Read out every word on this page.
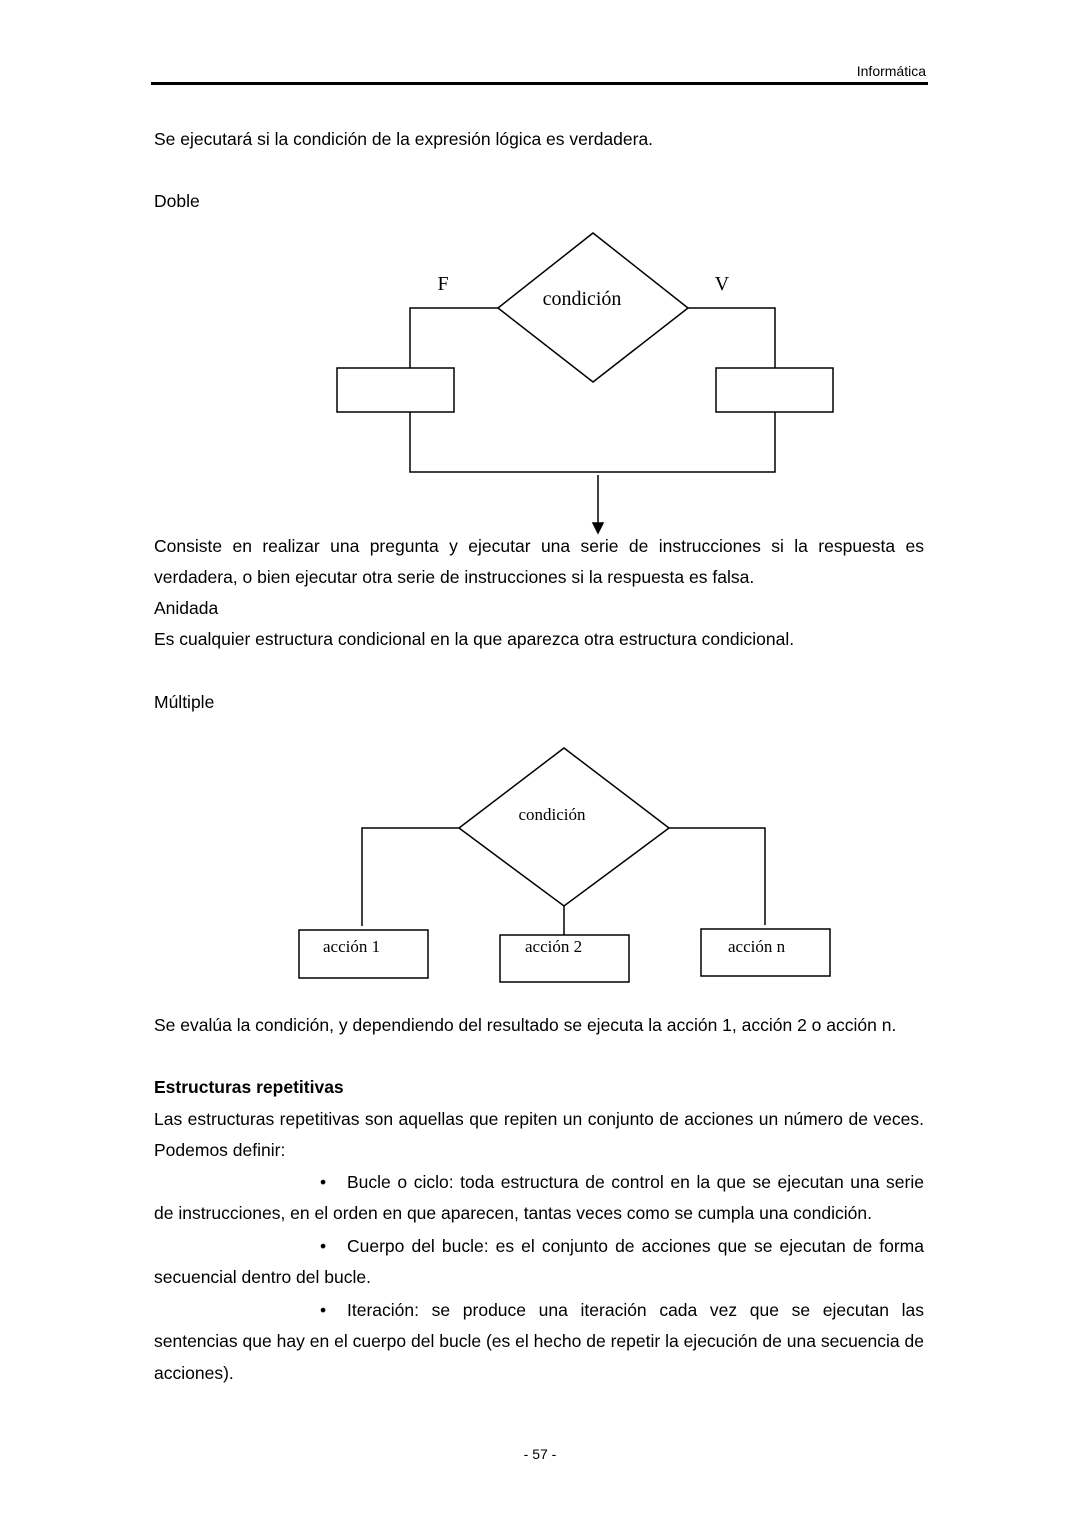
Informática

Se ejecutará si la condición de la expresión lógica es verdadera.

Doble

F	V
condición
condición
acción 1	acción 2	acción n

Consiste en realizar una pregunta y ejecutar una serie de instrucciones si la respuesta es verdadera, o bien ejecutar otra serie de instrucciones si la respuesta es falsa.

Anidada

Es cualquier estructura condicional en la que aparezca otra estructura condicional.

Múltiple

Se evalúa la condición, y dependiendo del resultado se ejecuta la acción 1, acción 2 o acción n.

Estructuras repetitivas

Las estructuras repetitivas son aquellas que repiten un conjunto de acciones un número de veces. Podemos definir:

• Bucle o ciclo: toda estructura de control en la que se ejecutan una serie de instrucciones, en el orden en que aparecen, tantas veces como se cumpla una condición.
• Cuerpo del bucle: es el conjunto de acciones que se ejecutan de forma secuencial dentro del bucle.
• Iteración: se produce una iteración cada vez que se ejecutan las sentencias que hay en el cuerpo del bucle (es el hecho de repetir la ejecución de una secuencia de acciones).
- 57 -
